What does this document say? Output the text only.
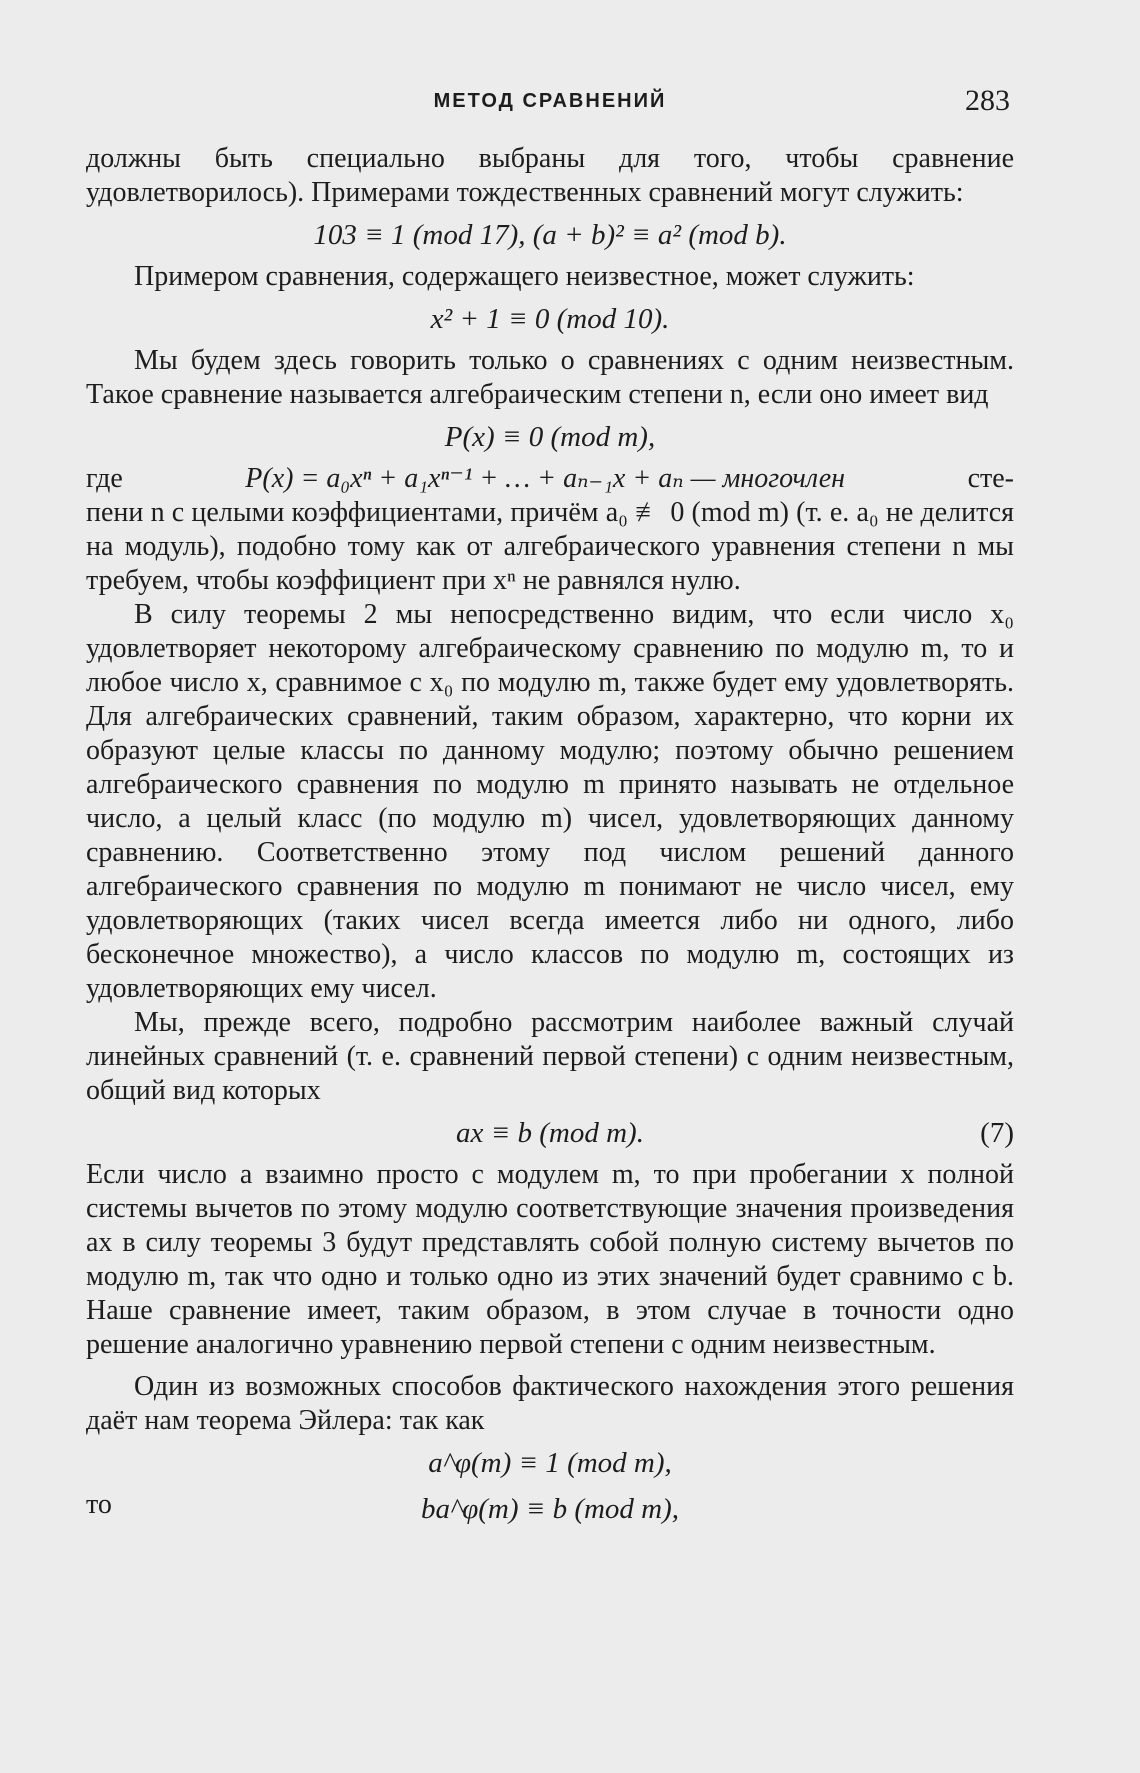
МЕТОД СРАВНЕНИЙ	283

должны быть специально выбраны для того, чтобы сравнение удовлетворилось). Примерами тождественных сравнений могут служить:

103 ≡ 1 (mod 17), (a + b)² ≡ a² (mod b).

Примером сравнения, содержащего неизвестное, может служить:

x² + 1 ≡ 0 (mod 10).

Мы будем здесь говорить только о сравнениях с одним неизвестным. Такое сравнение называется алгебраическим степени n, если оно имеет вид

P(x) ≡ 0 (mod m),
где	P(x) = a₀xⁿ + a₁xⁿ⁻¹ + … + aₙ₋₁x + aₙ — многочлен	сте-

пени n с целыми коэффициентами, причём a₀ ≢ 0 (mod m) (т. е. a₀ не делится на модуль), подобно тому как от алгебраического уравнения степени n мы требуем, чтобы коэффициент при xⁿ не равнялся нулю.

В силу теоремы 2 мы непосредственно видим, что если число x₀ удовлетворяет некоторому алгебраическому сравнению по модулю m, то и любое число x, сравнимое с x₀ по модулю m, также будет ему удовлетворять. Для алгебраических сравнений, таким образом, характерно, что корни их образуют целые классы по данному модулю; поэтому обычно решением алгебраического сравнения по модулю m принято называть не отдельное число, а целый класс (по модулю m) чисел, удовлетворяющих данному сравнению. Соответственно этому под числом решений данного алгебраического сравнения по модулю m понимают не число чисел, ему удовлетворяющих (таких чисел всегда имеется либо ни одного, либо бесконечное множество), а число классов по модулю m, состоящих из удовлетворяющих ему чисел.

Мы, прежде всего, подробно рассмотрим наиболее важный случай линейных сравнений (т. е. сравнений первой степени) с одним неизвестным, общий вид которых

ax ≡ b (mod m).	(7)

Если число a взаимно просто с модулем m, то при пробегании x полной системы вычетов по этому модулю соответствующие значения произведения ax в силу теоремы 3 будут представлять собой полную систему вычетов по модулю m, так что одно и только одно из этих значений будет сравнимо с b. Наше сравнение имеет, таким образом, в этом случае в точности одно решение аналогично уравнению первой степени с одним неизвестным.

Один из возможных способов фактического нахождения этого решения даёт нам теорема Эйлера: так как

a^φ(m) ≡ 1 (mod m),
то	ba^φ(m) ≡ b (mod m),
